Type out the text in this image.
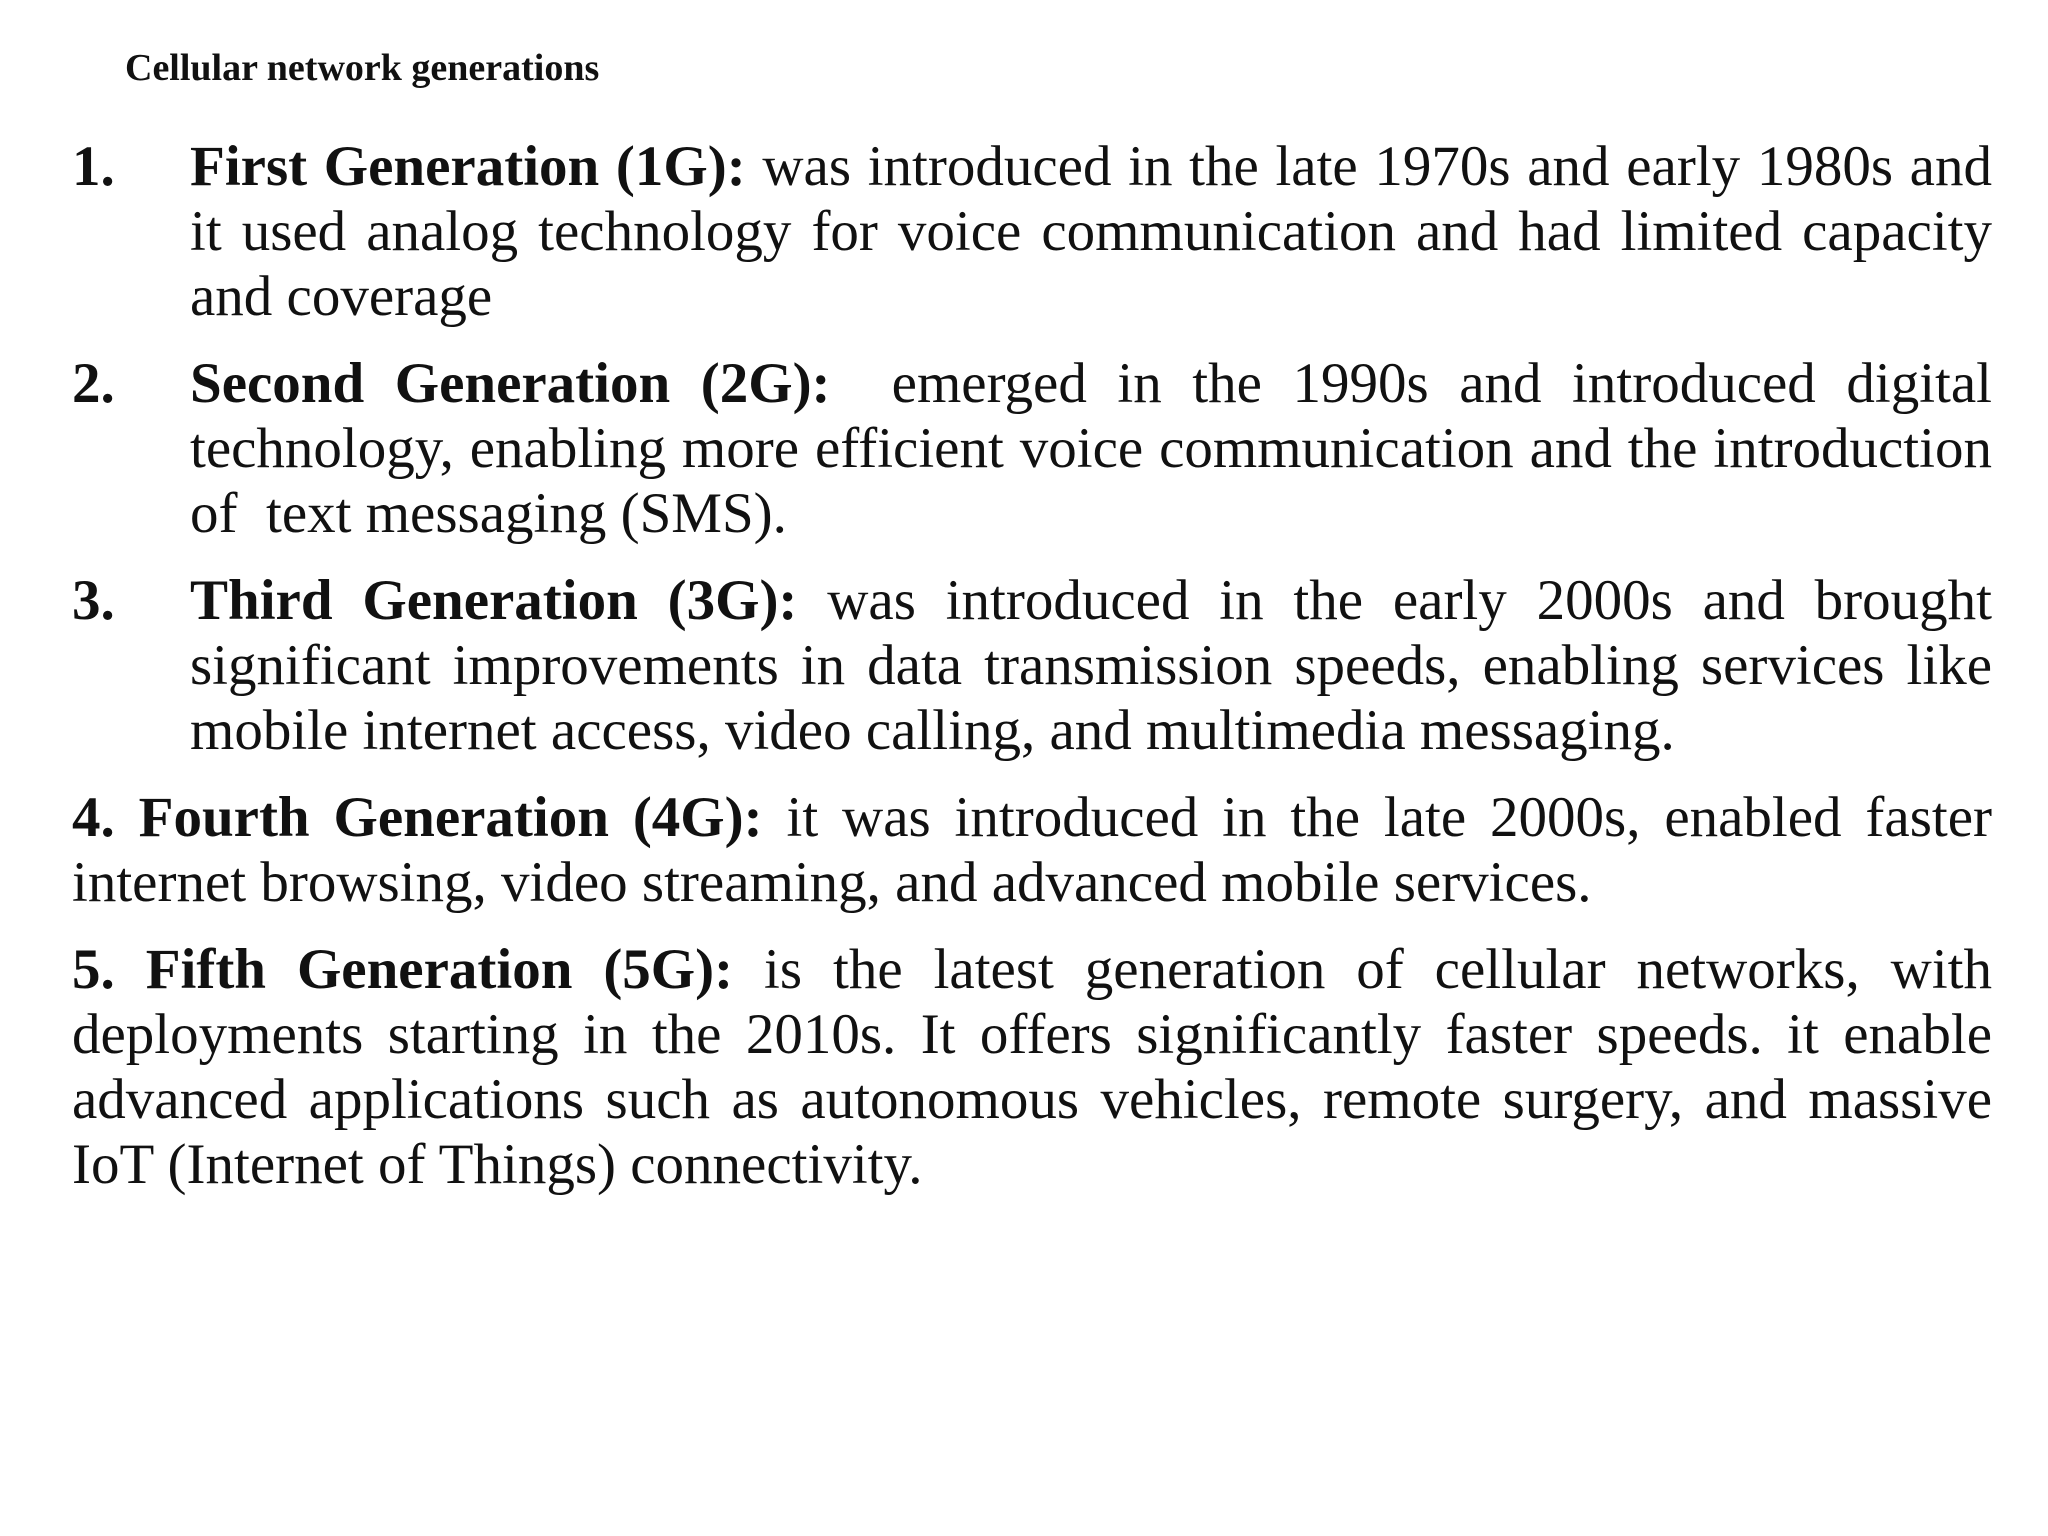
Cellular network generations
1.	First Generation (1G): was introduced in the late 1970s and early 1980s and it used analog technology for voice communication and had limited capacity and coverage
2.	Second Generation (2G):  emerged in the 1990s and introduced digital technology, enabling more efficient voice communication and the introduction of  text messaging (SMS).
3.	Third Generation (3G): was introduced in the early 2000s and brought significant improvements in data transmission speeds, enabling services like mobile internet access, video calling, and multimedia messaging.

4. Fourth Generation (4G): it was introduced in the late 2000s, enabled faster internet browsing, video streaming, and advanced mobile services.

5. Fifth Generation (5G): is the latest generation of cellular networks, with deployments starting in the 2010s. It offers significantly faster speeds. it enable advanced applications such as autonomous vehicles, remote surgery, and massive IoT (Internet of Things) connectivity.
